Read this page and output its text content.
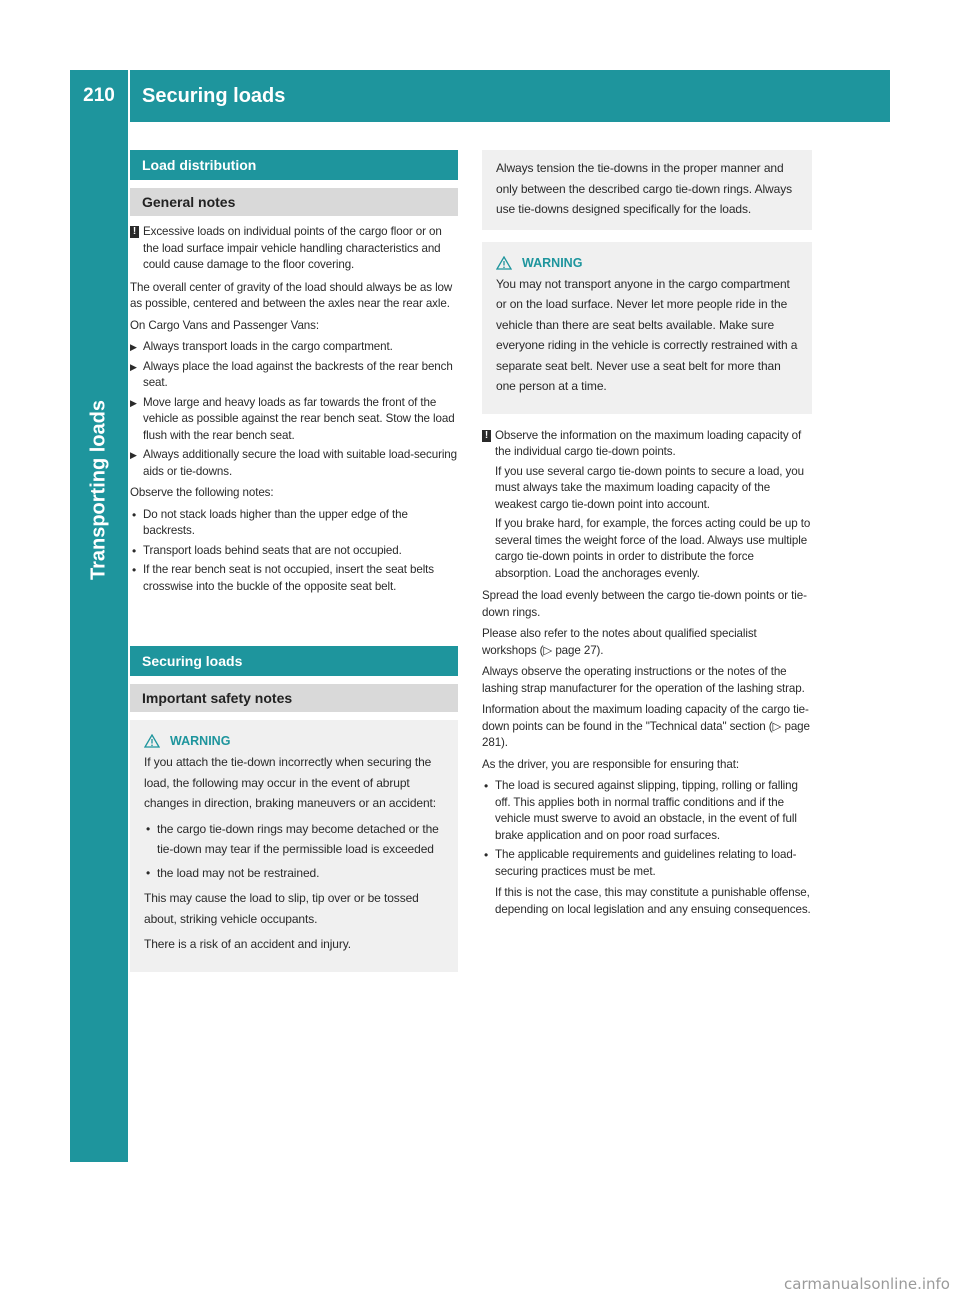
210	Securing loads
Transporting loads
Load distribution
General notes
! Excessive loads on individual points of the cargo floor or on the load surface impair vehicle handling characteristics and could cause damage to the floor covering.

The overall center of gravity of the load should always be as low as possible, centered and between the axles near the rear axle.

On Cargo Vans and Passenger Vans:

▶ Always transport loads in the cargo compartment.
▶ Always place the load against the backrests of the rear bench seat.
▶ Move large and heavy loads as far towards the front of the vehicle as possible against the rear bench seat. Stow the load flush with the rear bench seat.
▶ Always additionally secure the load with suitable load-securing aids or tie-downs.

Observe the following notes:

• Do not stack loads higher than the upper edge of the backrests.
• Transport loads behind seats that are not occupied.
• If the rear bench seat is not occupied, insert the seat belts crosswise into the buckle of the opposite seat belt.
Securing loads
Important safety notes
WARNING

If you attach the tie-down incorrectly when securing the load, the following may occur in the event of abrupt changes in direction, braking maneuvers or an accident:

• the cargo tie-down rings may become detached or the tie-down may tear if the permissible load is exceeded
• the load may not be restrained.

This may cause the load to slip, tip over or be tossed about, striking vehicle occupants.

There is a risk of an accident and injury.

Always tension the tie-downs in the proper manner and only between the described cargo tie-down rings. Always use tie-downs designed specifically for the loads.

WARNING

You may not transport anyone in the cargo compartment or on the load surface. Never let more people ride in the vehicle than there are seat belts available. Make sure everyone riding in the vehicle is correctly restrained with a separate seat belt. Never use a seat belt for more than one person at a time.

! Observe the information on the maximum loading capacity of the individual cargo tie-down points.

If you use several cargo tie-down points to secure a load, you must always take the maximum loading capacity of the weakest cargo tie-down point into account.

If you brake hard, for example, the forces acting could be up to several times the weight force of the load. Always use multiple cargo tie-down points in order to distribute the force absorption. Load the anchorages evenly.

Spread the load evenly between the cargo tie-down points or tie-down rings.

Please also refer to the notes about qualified specialist workshops (▷ page 27).

Always observe the operating instructions or the notes of the lashing strap manufacturer for the operation of the lashing strap.

Information about the maximum loading capacity of the cargo tie-down points can be found in the "Technical data" section (▷ page 281).

As the driver, you are responsible for ensuring that:

• The load is secured against slipping, tipping, rolling or falling off. This applies both in normal traffic conditions and if the vehicle must swerve to avoid an obstacle, in the event of full brake application and on poor road surfaces.
• The applicable requirements and guidelines relating to load-securing practices must be met.

If this is not the case, this may constitute a punishable offense, depending on local legislation and any ensuing consequences.

carmanualsonline.info
